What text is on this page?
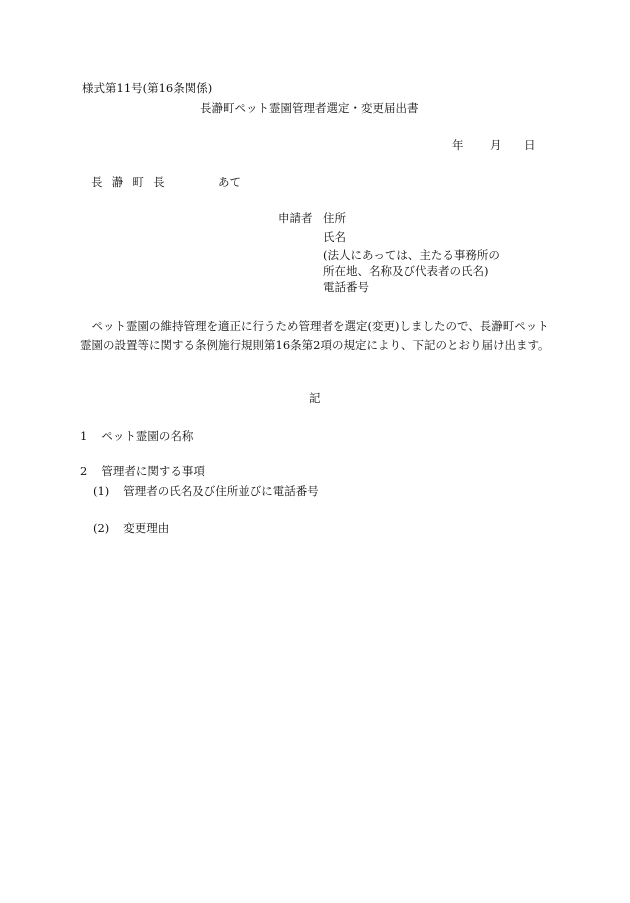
様式第11号(第16条関係)
長瀞町ペット霊園管理者選定・変更届出書
年 月 日
長瀞町長	あて
申請者 住所
氏名
(法人にあっては、主たる事務所の
所在地、名称及び代表者の氏名)
電話番号
ペット霊園の維持管理を適正に行うため管理者を選定(変更)しましたので、長瀞町ペット霊園の設置等に関する条例施行規則第16条第2項の規定により、下記のとおり届け出ます。
記
1 ペット霊園の名称
2 管理者に関する事項
(1) 管理者の氏名及び住所並びに電話番号
(2) 変更理由
